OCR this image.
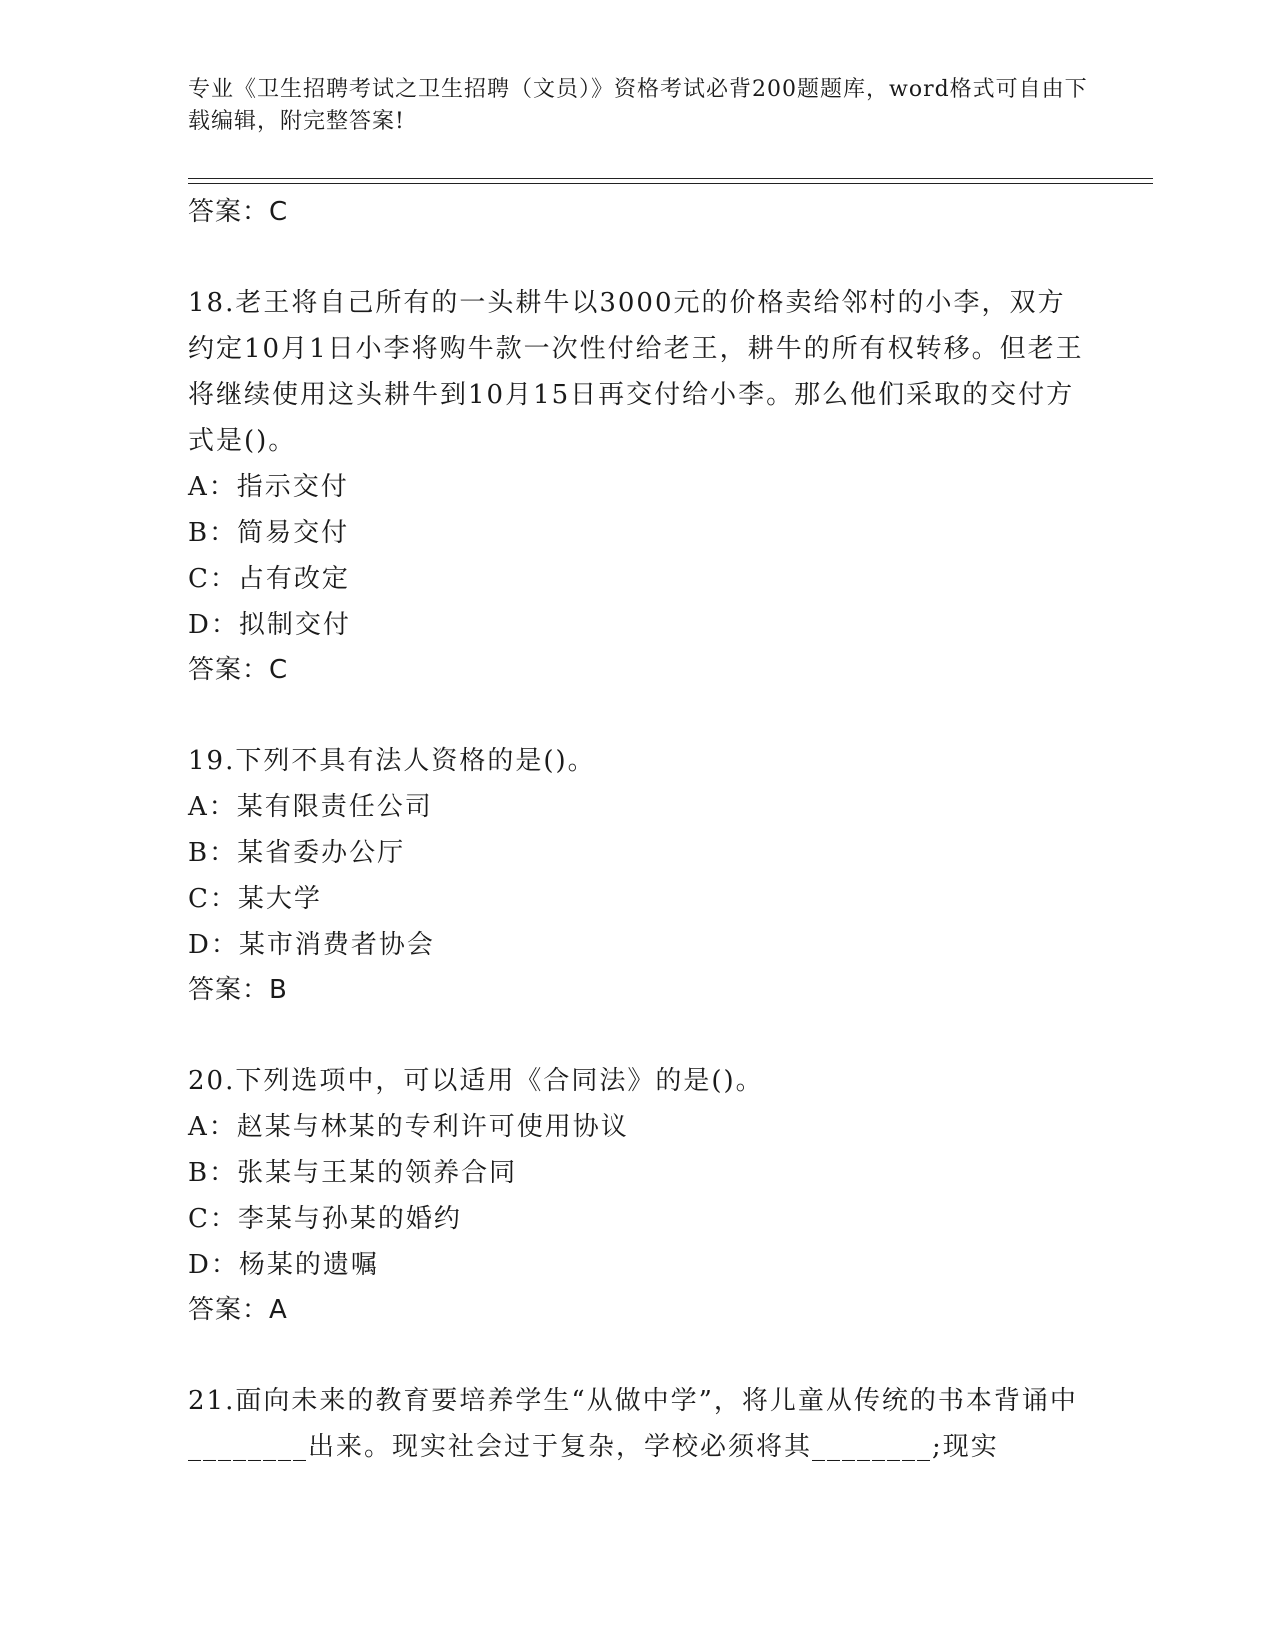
专业《卫生招聘考试之卫生招聘（文员）》资格考试必背200题题库，word格式可自由下载编辑，附完整答案!
答案：C
18.老王将自己所有的一头耕牛以3000元的价格卖给邻村的小李，双方约定10月1日小李将购牛款一次性付给老王，耕牛的所有权转移。但老王将继续使用这头耕牛到10月15日再交付给小李。那么他们采取的交付方式是()。
A：指示交付
B：简易交付
C：占有改定
D：拟制交付
答案：C
19.下列不具有法人资格的是()。
A：某有限责任公司
B：某省委办公厅
C：某大学
D：某市消费者协会
答案：B
20.下列选项中，可以适用《合同法》的是()。
A：赵某与林某的专利许可使用协议
B：张某与王某的领养合同
C：李某与孙某的婚约
D：杨某的遗嘱
答案：A
21.面向未来的教育要培养学生“从做中学”，将儿童从传统的书本背诵中________出来。现实社会过于复杂，学校必须将其________;现实
